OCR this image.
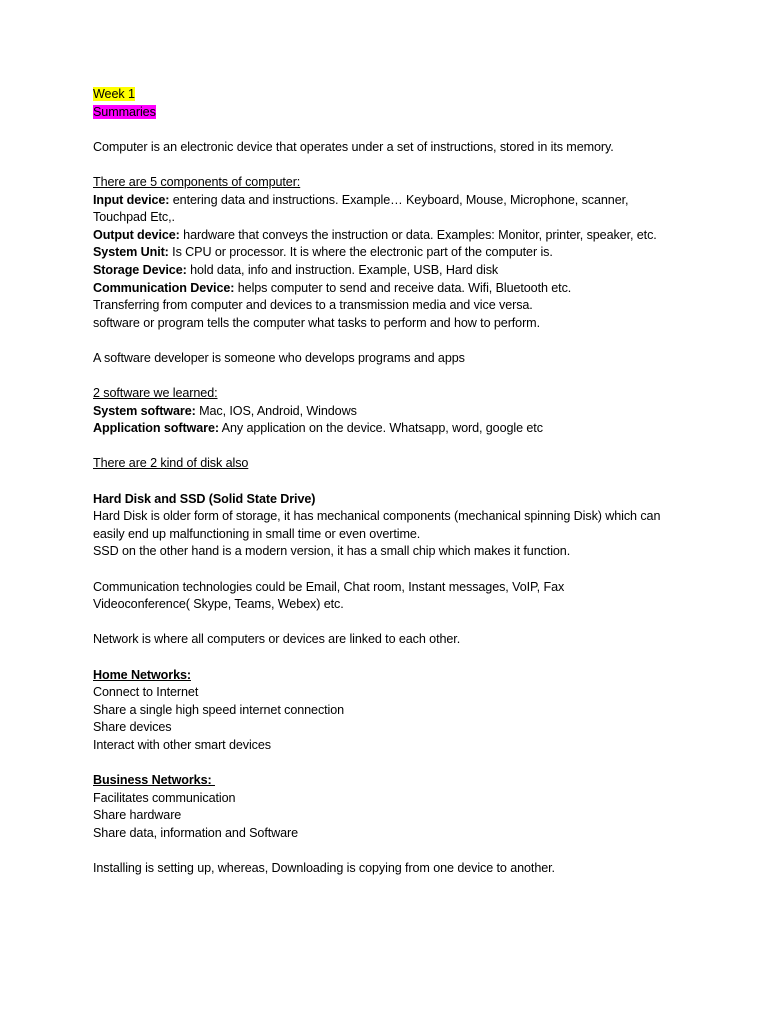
Week 1
Summaries
Computer is an electronic device that operates under a set of instructions, stored in its memory.
There are 5 components of computer:
Input device: entering data and instructions. Example… Keyboard, Mouse, Microphone, scanner, Touchpad Etc,.
Output device: hardware that conveys the instruction or data. Examples: Monitor, printer, speaker, etc.
System Unit: Is CPU or processor. It is where the electronic part of the computer is.
Storage Device: hold data, info and instruction. Example, USB, Hard disk
Communication Device: helps computer to send and receive data. Wifi, Bluetooth etc.
Transferring from computer and devices to a transmission media and vice versa.
software or program tells the computer what tasks to perform and how to perform.
A software developer is someone who develops programs and apps
2 software we learned:
System software: Mac, IOS, Android, Windows
Application software: Any application on the device. Whatsapp, word, google etc
There are 2 kind of disk also
Hard Disk and SSD (Solid State Drive)
Hard Disk is older form of storage, it has mechanical components (mechanical spinning Disk) which can easily end up malfunctioning in small time or even overtime.
SSD on the other hand is a modern version, it has a small chip which makes it function.
Communication technologies could be Email, Chat room, Instant messages, VoIP, Fax Videoconference( Skype, Teams, Webex) etc.
Network is where all computers or devices are linked to each other.
Home Networks:
Connect to Internet
Share a single high speed internet connection
Share devices
Interact with other smart devices
Business Networks:
Facilitates communication
Share hardware
Share data, information and Software
Installing is setting up, whereas, Downloading is copying from one device to another.
